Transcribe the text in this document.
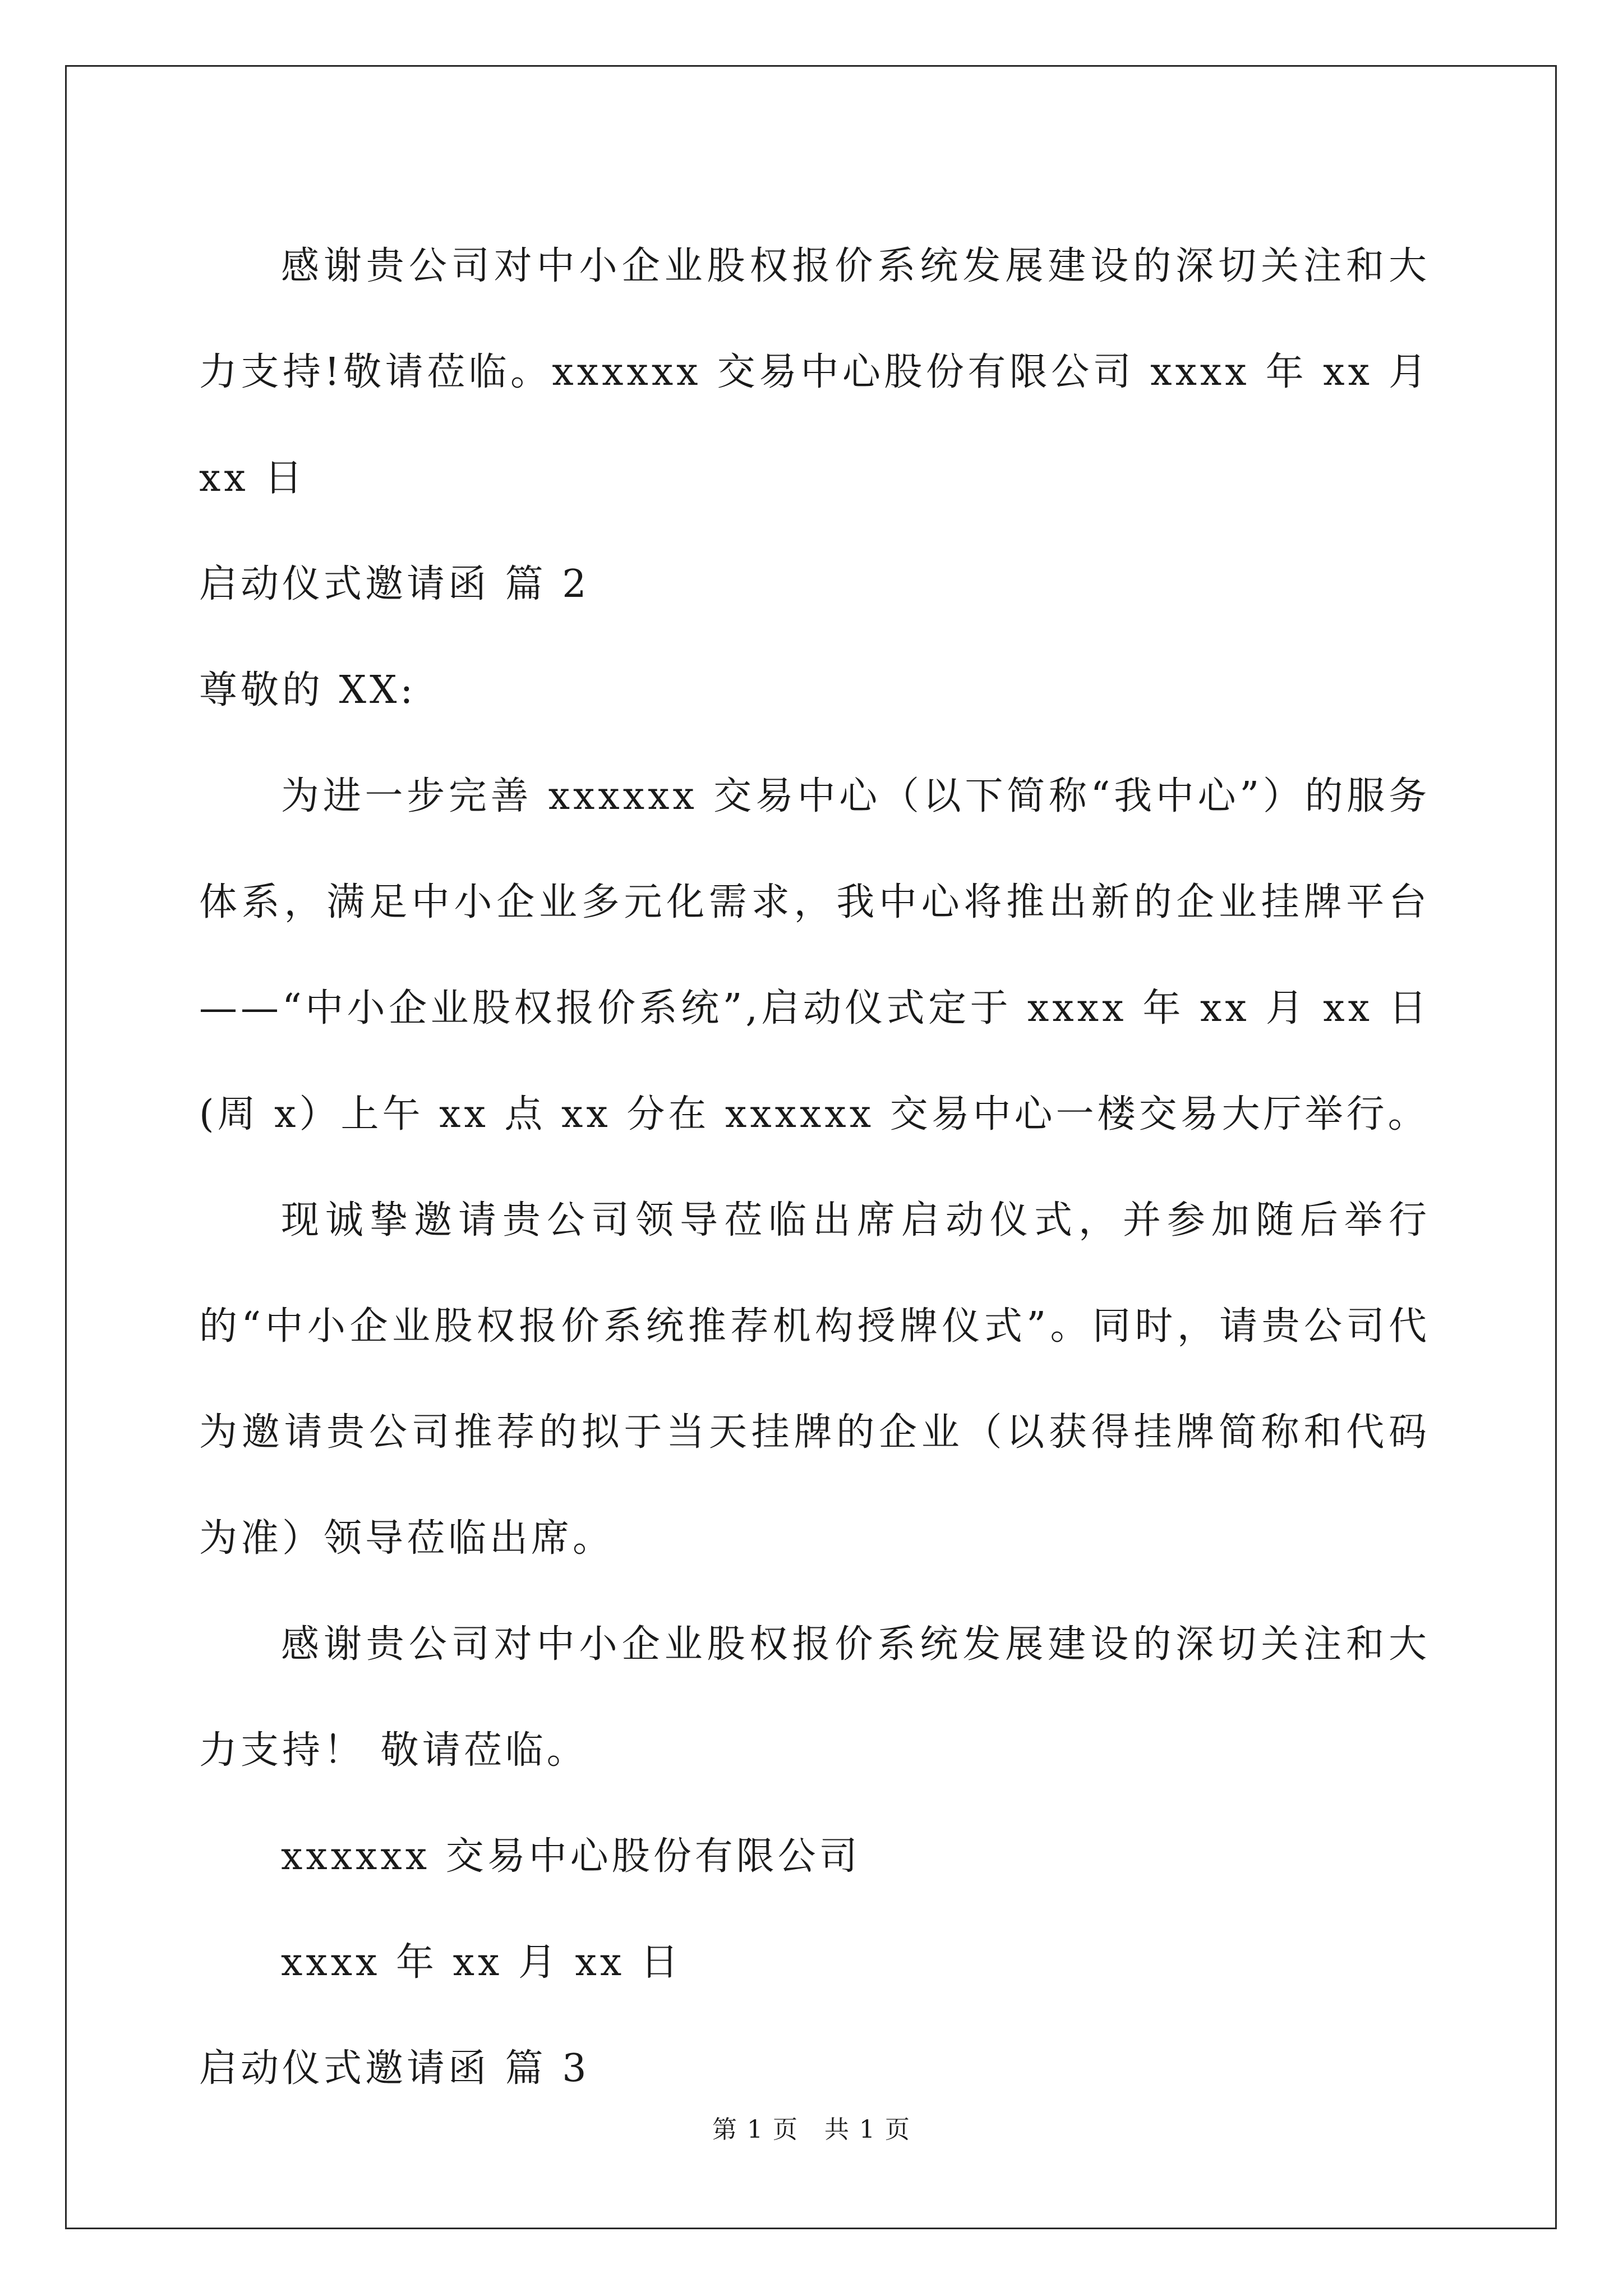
感谢贵公司对中小企业股权报价系统发展建设的深切关注和大力支持!敬请莅临。xxxxxx 交易中心股份有限公司 xxxx 年 xx 月 xx 日

启动仪式邀请函 篇 2

尊敬的 XX:

为进一步完善 xxxxxx 交易中心（以下简称“我中心”）的服务体系，满足中小企业多元化需求，我中心将推出新的企业挂牌平台——“中小企业股权报价系统”,启动仪式定于 xxxx 年 xx 月 xx 日(周 x）上午 xx 点 xx 分在 xxxxxx 交易中心一楼交易大厅举行。

现诚挚邀请贵公司领导莅临出席启动仪式，并参加随后举行的“中小企业股权报价系统推荐机构授牌仪式”。同时，请贵公司代为邀请贵公司推荐的拟于当天挂牌的企业（以获得挂牌简称和代码为准）领导莅临出席。

感谢贵公司对中小企业股权报价系统发展建设的深切关注和大力支持！ 敬请莅临。

xxxxxx 交易中心股份有限公司

xxxx 年 xx 月 xx 日

启动仪式邀请函 篇 3

第 1 页　共 1 页
